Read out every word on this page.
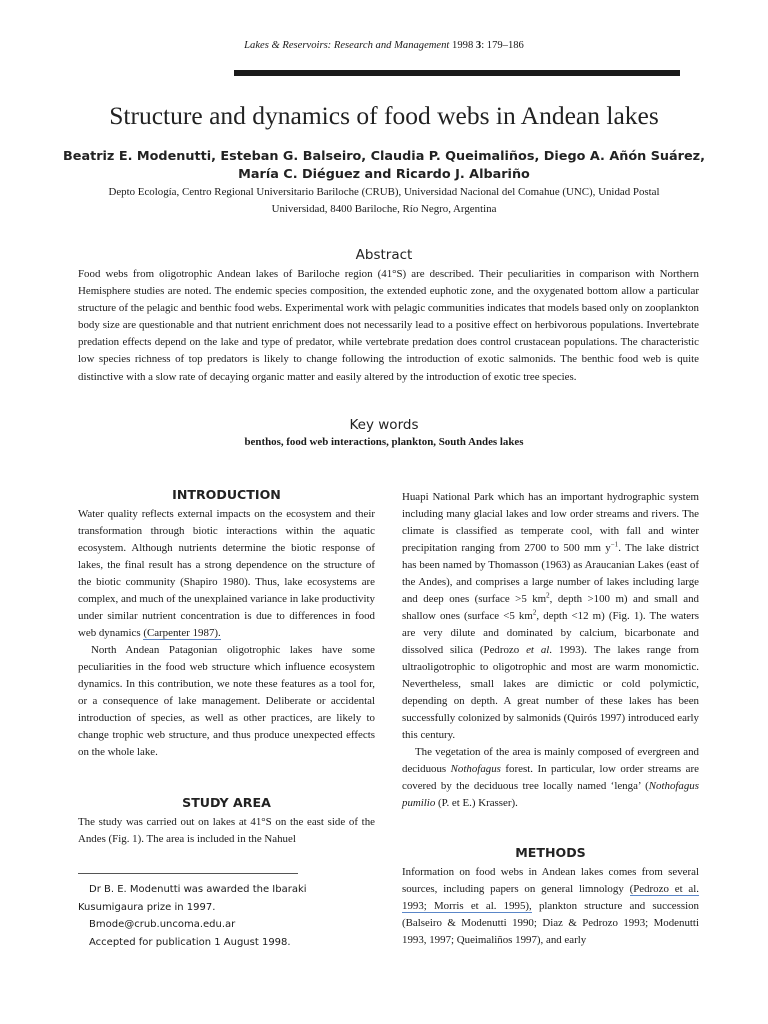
Lakes & Reservoirs: Research and Management 1998 3: 179–186
Structure and dynamics of food webs in Andean lakes
Beatriz E. Modenutti, Esteban G. Balseiro, Claudia P. Queimaliños, Diego A. Añón Suárez,
María C. Diéguez and Ricardo J. Albariño
Depto Ecología, Centro Regional Universitario Bariloche (CRUB), Universidad Nacional del Comahue (UNC), Unidad Postal
Universidad, 8400 Bariloche, Río Negro, Argentina
Abstract
Food webs from oligotrophic Andean lakes of Bariloche region (41°S) are described. Their peculiarities in comparison with Northern Hemisphere studies are noted. The endemic species composition, the extended euphotic zone, and the oxygenated bottom allow a particular structure of the pelagic and benthic food webs. Experimental work with pelagic communities indicates that models based only on zooplankton body size are questionable and that nutrient enrichment does not necessarily lead to a positive effect on herbivorous populations. Invertebrate predation effects depend on the lake and type of predator, while vertebrate predation does control crustacean populations. The characteristic low species richness of top predators is likely to change following the introduction of exotic salmonids. The benthic food web is quite distinctive with a slow rate of decaying organic matter and easily altered by the introduction of exotic tree species.
Key words
benthos, food web interactions, plankton, South Andes lakes
INTRODUCTION

Water quality reflects external impacts on the ecosystem and their transformation through biotic interactions within the aquatic ecosystem. Although nutrients determine the biotic response of lakes, the final result has a strong dependence on the structure of the biotic community (Shapiro 1980). Thus, lake ecosystems are complex, and much of the unexplained variance in lake productivity under similar nutrient concentration is due to differences in food web dynamics (Carpenter 1987).

North Andean Patagonian oligotrophic lakes have some peculiarities in the food web structure which influence ecosystem dynamics. In this contribution, we note these features as a tool for, or a consequence of lake management. Deliberate or accidental introduction of species, as well as other practices, are likely to change trophic web structure, and thus produce unexpected effects on the whole lake.

STUDY AREA

The study was carried out on lakes at 41°S on the east side of the Andes (Fig. 1). The area is included in the Nahuel

Dr B. E. Modenutti was awarded the Ibaraki Kusumigaura prize in 1997.
Bmode@crub.uncoma.edu.ar
Accepted for publication 1 August 1998.

Huapi National Park which has an important hydrographic system including many glacial lakes and low order streams and rivers. The climate is classified as temperate cool, with fall and winter precipitation ranging from 2700 to 500 mm $y^{-1}$. The lake district has been named by Thomasson (1963) as Araucanian Lakes (east of the Andes), and comprises a large number of lakes including large and deep ones (surface >5 $km^2$, depth >100 m) and small and shallow ones (surface <5 $km^2$, depth <12 m) (Fig. 1). The waters are very dilute and dominated by calcium, bicarbonate and dissolved silica (Pedrozo et al. 1993). The lakes range from ultraoligotrophic to oligotrophic and most are warm monomictic. Nevertheless, small lakes are dimictic or cold polymictic, depending on depth. A great number of these lakes has been successfully colonized by salmonids (Quirós 1997) introduced early this century.

The vegetation of the area is mainly composed of evergreen and deciduous Nothofagus forest. In particular, low order streams are covered by the deciduous tree locally named ‘lenga’ (Nothofagus pumilio (P. et E.) Krasser).

METHODS

Information on food webs in Andean lakes comes from several sources, including papers on general limnology (Pedrozo et al. 1993; Morris et al. 1995), plankton structure and succession (Balseiro & Modenutti 1990; Diaz & Pedrozo 1993; Modenutti 1993, 1997; Queimaliños 1997), and early
